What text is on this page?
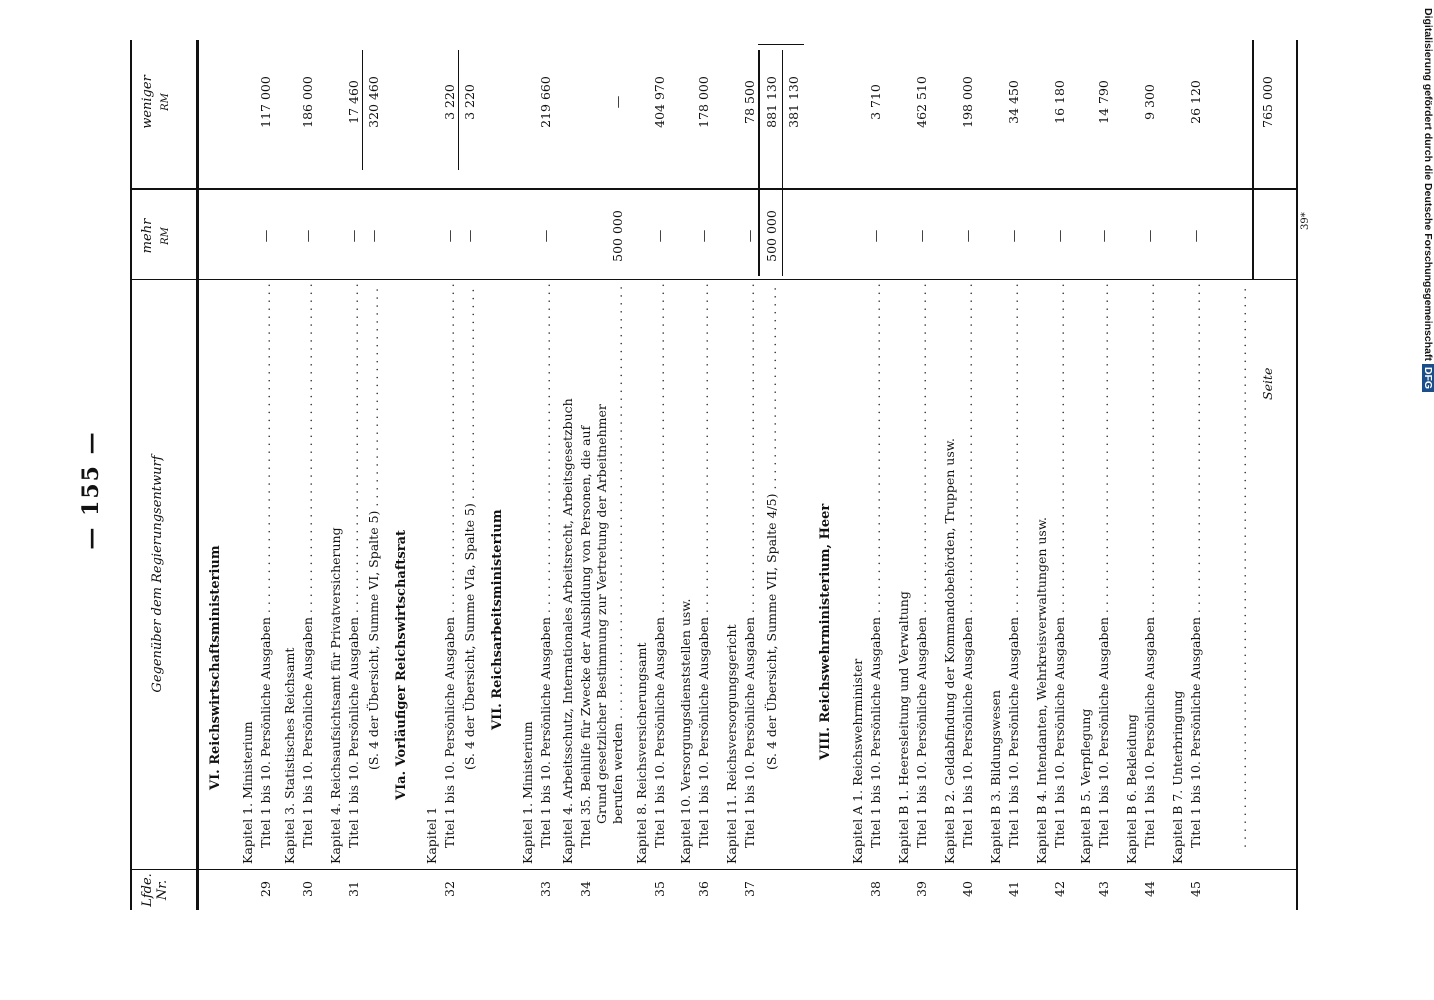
Digitalisierung gefördert durch die Deutsche Forschungsgemeinschaft DFG
— 155 —
Lfde. Nr.
Gegenüber dem Regierungsentwurf
mehr RM
weniger RM
VI. Reichswirtschaftsministerium
Kapitel 1. Ministerium
29
Titel 1 bis 10. Persönliche Ausgaben . . .
—
117 000
Kapitel 3. Statistisches Reichsamt
30
Titel 1 bis 10. Persönliche Ausgaben . . .
—
186 000
Kapitel 4. Reichsaufsichtsamt für Privatversicherung
31
Titel 1 bis 10. Persönliche Ausgaben . . .
—
17 460
(S. 4 der Übersicht, Summe VI, Spalte 5) . . .
—
320 460
VIa. Vorläufiger Reichswirtschaftsrat
Kapitel 1
32
Titel 1 bis 10. Persönliche Ausgaben . . .
—
3 220
(S. 4 der Übersicht, Summe VIa, Spalte 5) . . .
—
3 220
VII. Reichsarbeitsministerium
Kapitel 1. Ministerium
33
Titel 1 bis 10. Persönliche Ausgaben . . .
—
219 660
Kapitel 4. Arbeitsschutz, Internationales Arbeitsrecht, Arbeitsgesetzbuch
34
Titel 35. Beihilfe für Zwecke der Ausbildung von Personen, die auf Grund gesetzlicher Bestimmung zur Vertretung der Arbeitnehmer berufen werden . . .
500 000
—
Kapitel 8. Reichsversicherungsamt
35
Titel 1 bis 10. Persönliche Ausgaben . . .
—
404 970
Kapitel 10. Versorgungsdienststellen usw.
36
Titel 1 bis 10. Persönliche Ausgaben . . .
—
178 000
Kapitel 11. Reichsversorgungsgericht
37
Titel 1 bis 10. Persönliche Ausgaben . . .
—
78 500
(S. 4 der Übersicht, Summe VII, Spalte 4/5) . . .
500 000
881 130 381 130
VIII. Reichswehrministerium, Heer
Kapitel A 1. Reichswehrminister
38
Titel 1 bis 10. Persönliche Ausgaben . . .
—
3 710
Kapitel B 1. Heeresleitung und Verwaltung
39
Titel 1 bis 10. Persönliche Ausgaben . . .
—
462 510
Kapitel B 2. Geldabfindung der Kommandobehörden, Truppen usw.
40
Titel 1 bis 10. Persönliche Ausgaben . . .
—
198 000
Kapitel B 3. Bildungswesen
41
Titel 1 bis 10. Persönliche Ausgaben . . .
—
34 450
Kapitel B 4. Intendanten, Wehrkreisverwaltungen usw.
42
Titel 1 bis 10. Persönliche Ausgaben . . .
—
16 180
Kapitel B 5. Verpflegung
43
Titel 1 bis 10. Persönliche Ausgaben . . .
—
14 790
Kapitel B 6. Bekleidung
44
Titel 1 bis 10. Persönliche Ausgaben . . .
—
9 300
Kapitel B 7. Unterbringung
45
Titel 1 bis 10. Persönliche Ausgaben . . .
—
26 120
. . .
Seite
765 000
39*
